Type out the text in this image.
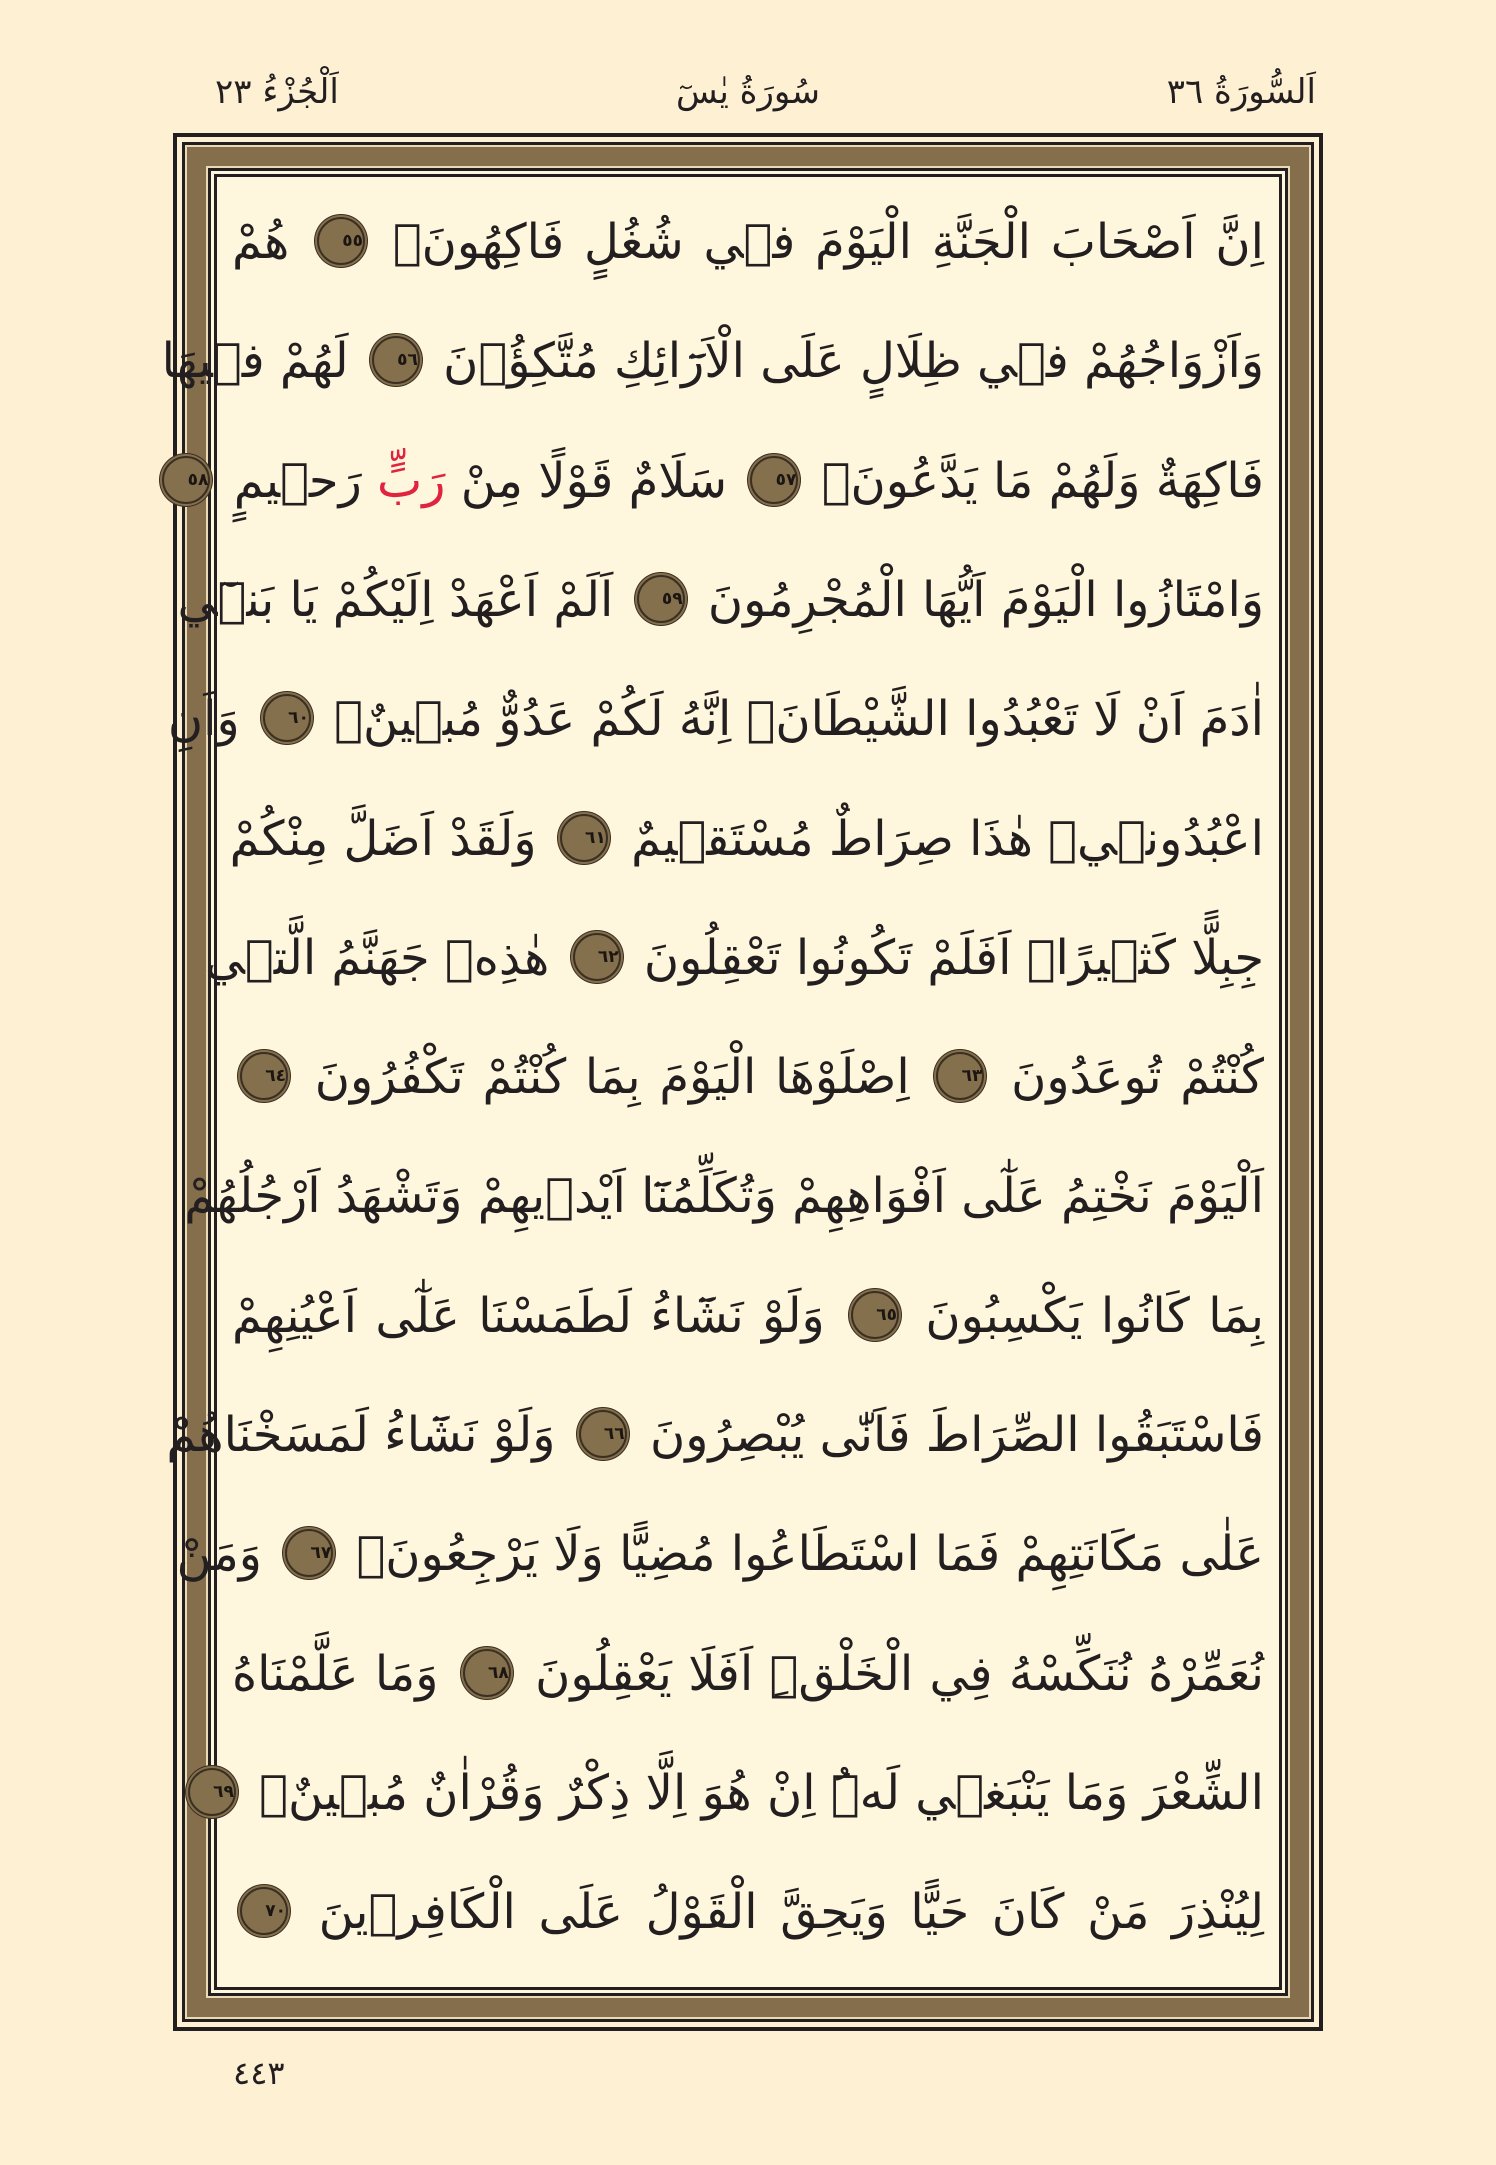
اَلْجُزْءُ ٢٣	سُورَةُ يٰسٓ	اَلسُّورَةُ ٣٦
اِنَّ اَصْحَابَ الْجَنَّةِ الْيَوْمَ ف۪ي شُغُلٍ فَاكِهُونَۚ ٥٥ هُمْ
وَاَزْوَاجُهُمْ ف۪ي ظِلَالٍ عَلَى الْاَرَٓائِكِ مُتَّكِؤُ۫نَ ٥٦ لَهُمْ ف۪يهَا
فَاكِهَةٌ وَلَهُمْ مَا يَدَّعُونَۚ ٥٧ سَلَامٌ قَوْلًا مِنْ رَبٍّ رَح۪يمٍ ٥٨
وَامْتَازُوا الْيَوْمَ اَيُّهَا الْمُجْرِمُونَ ٥٩ اَلَمْ اَعْهَدْ اِلَيْكُمْ يَا بَن۪ٓي
اٰدَمَ اَنْ لَا تَعْبُدُوا الشَّيْطَانَۚ اِنَّهُ لَكُمْ عَدُوٌّ مُب۪ينٌۙ ٦٠ وَاَنِ
اعْبُدُون۪يۜ هٰذَا صِرَاطٌ مُسْتَق۪يمٌ ٦١ وَلَقَدْ اَضَلَّ مِنْكُمْ
جِبِلًّا كَث۪يرًاۜ اَفَلَمْ تَكُونُوا تَعْقِلُونَ ٦٢ هٰذِه۪ جَهَنَّمُ الَّت۪ي
كُنْتُمْ تُوعَدُونَ ٦٣ اِصْلَوْهَا الْيَوْمَ بِمَا كُنْتُمْ تَكْفُرُونَ ٦٤
اَلْيَوْمَ نَخْتِمُ عَلٰٓى اَفْوَاهِهِمْ وَتُكَلِّمُنَٓا اَيْد۪يهِمْ وَتَشْهَدُ اَرْجُلُهُمْ
بِمَا كَانُوا يَكْسِبُونَ ٦٥ وَلَوْ نَشَٓاءُ لَطَمَسْنَا عَلٰٓى اَعْيُنِهِمْ
فَاسْتَبَقُوا الصِّرَاطَ فَاَنّٰى يُبْصِرُونَ ٦٦ وَلَوْ نَشَٓاءُ لَمَسَخْنَاهُمْ
عَلٰى مَكَانَتِهِمْ فَمَا اسْتَطَاعُوا مُضِيًّا وَلَا يَرْجِعُونَ۠ ٦٧ وَمَنْ
نُعَمِّرْهُ نُنَكِّسْهُ فِي الْخَلْقِۜ اَفَلَا يَعْقِلُونَ ٦٨ وَمَا عَلَّمْنَاهُ
الشِّعْرَ وَمَا يَنْبَغ۪ي لَهُۜ اِنْ هُوَ اِلَّا ذِكْرٌ وَقُرْاٰنٌ مُب۪ينٌۙ ٦٩
لِيُنْذِرَ مَنْ كَانَ حَيًّا وَيَحِقَّ الْقَوْلُ عَلَى الْكَافِر۪ينَ ٧٠
٤٤٣
